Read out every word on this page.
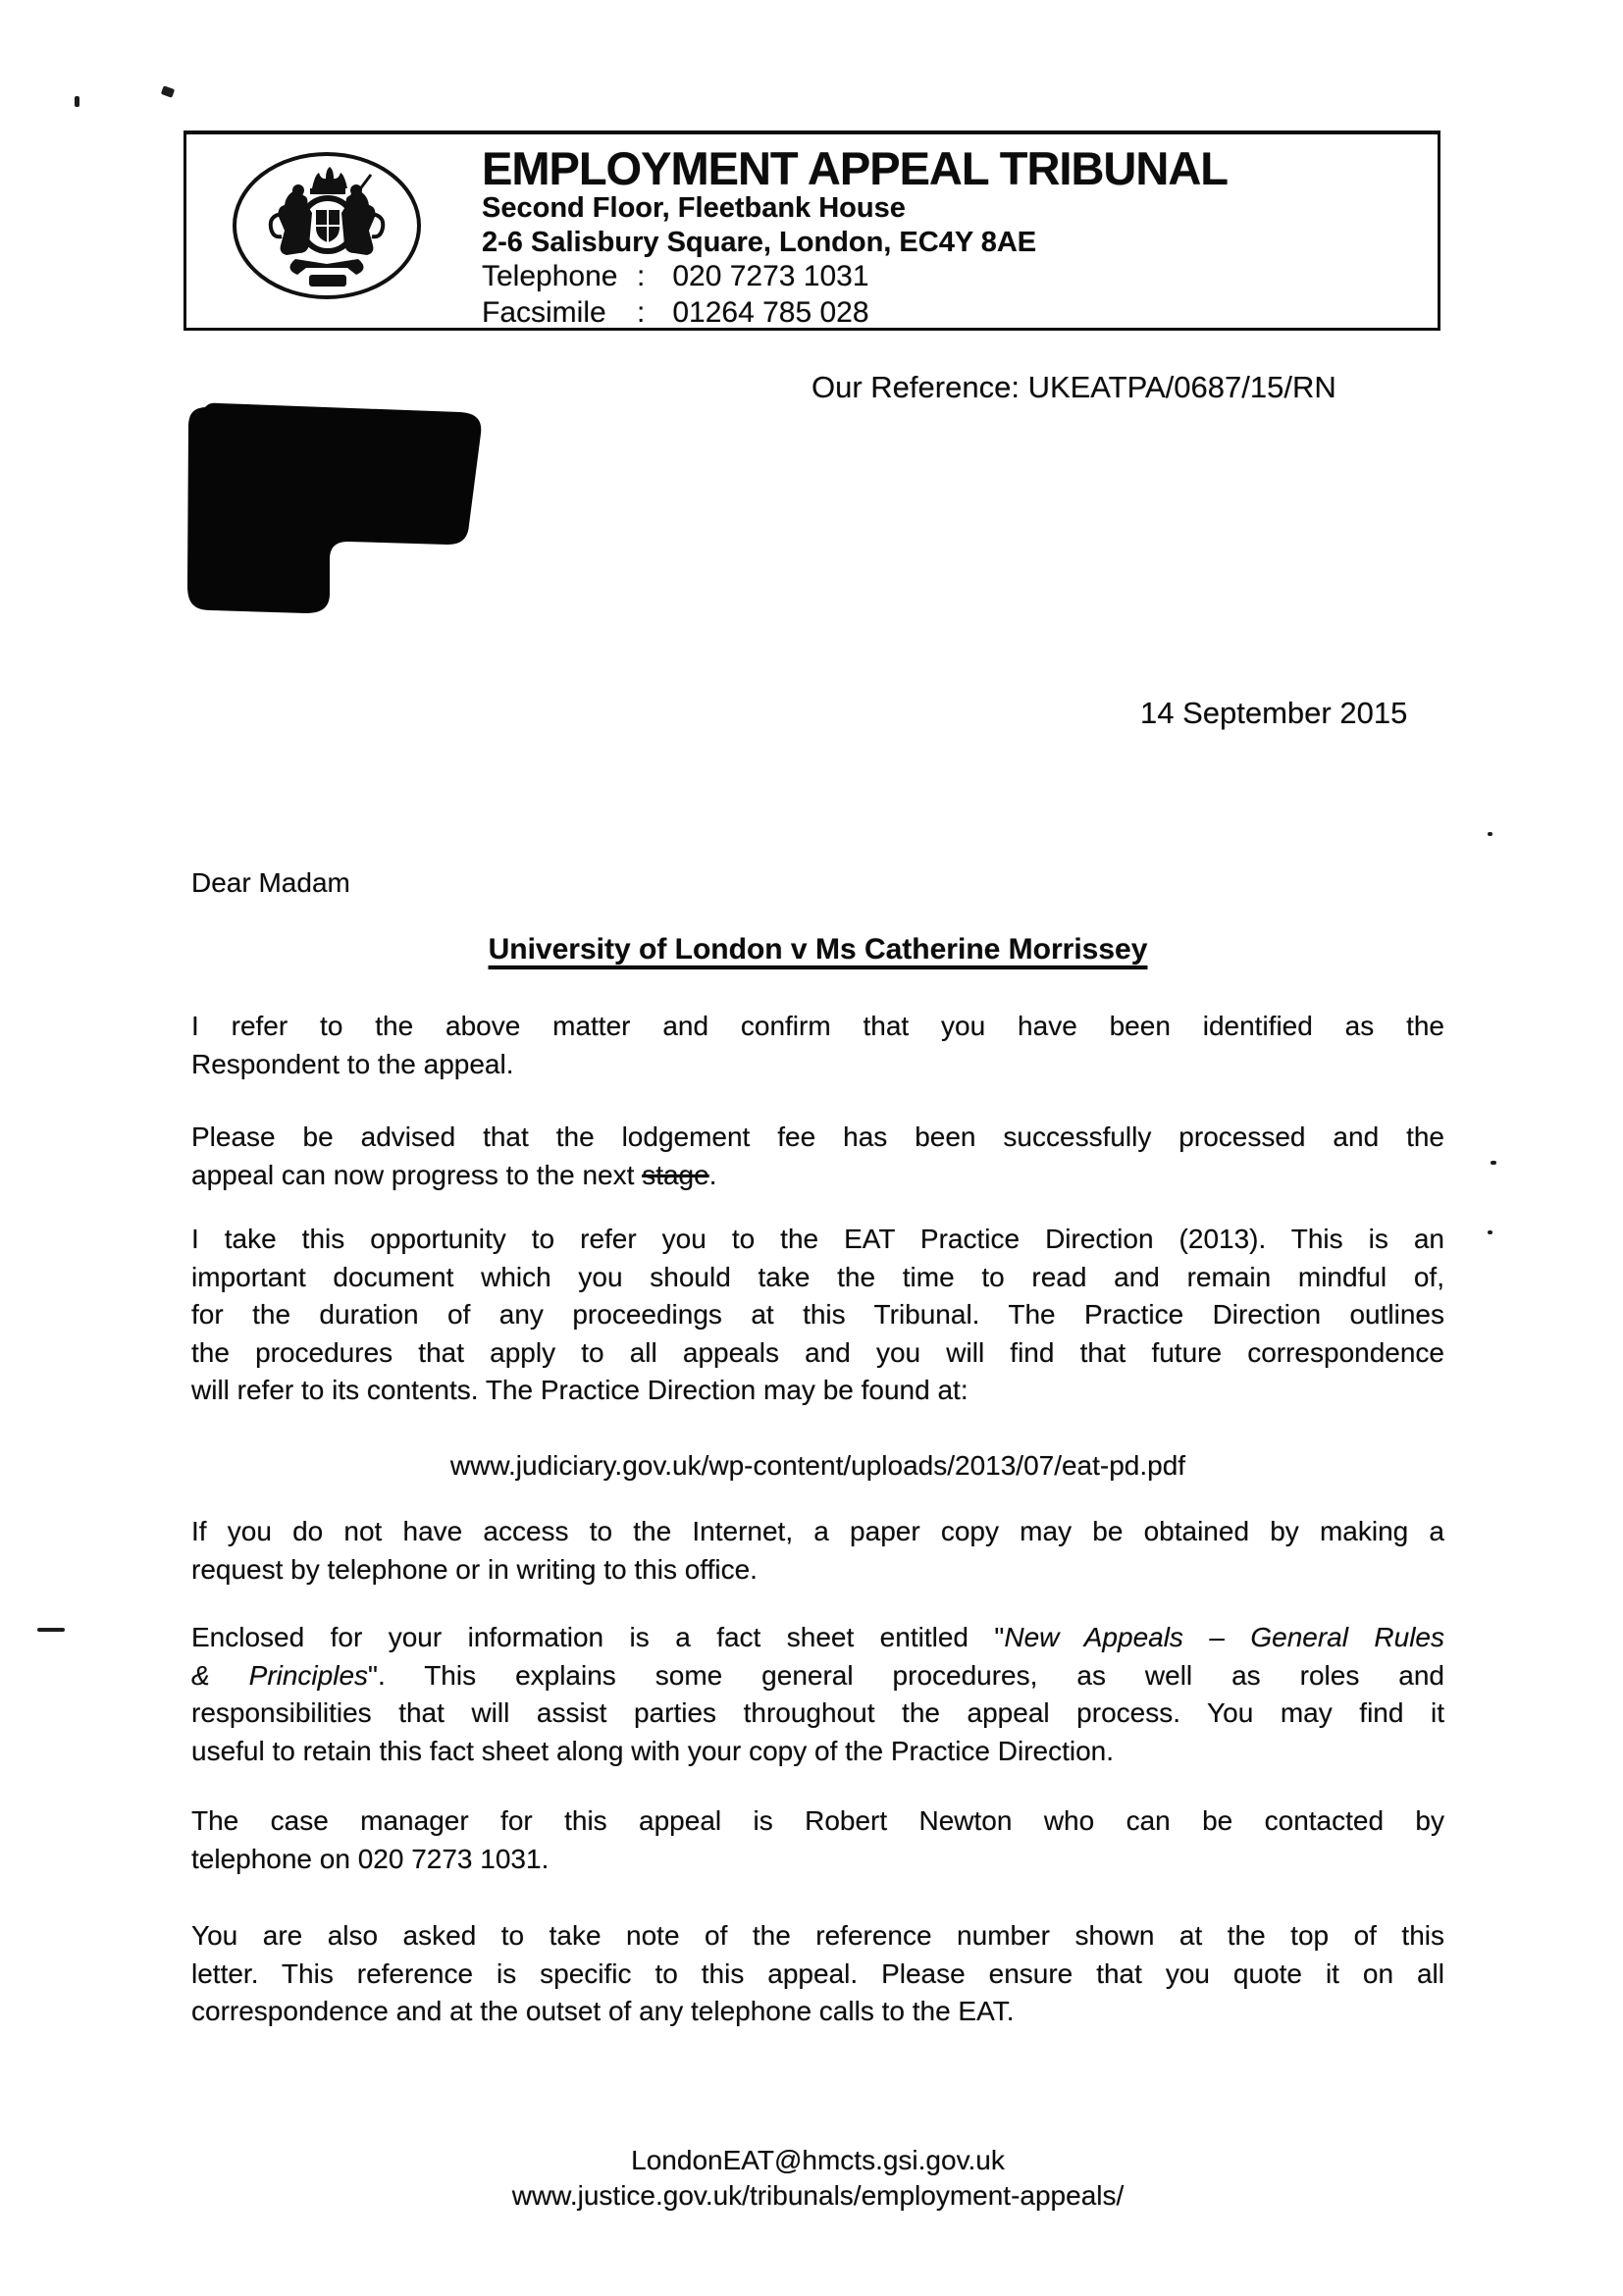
EMPLOYMENT APPEAL TRIBUNAL
Second Floor, Fleetbank House
2-6 Salisbury Square, London, EC4Y 8AE
Telephone : 020 7273 1031
Facsimile : 01264 785 028
Our Reference: UKEATPA/0687/15/RN
14 September 2015
Dear Madam
University of London v Ms Catherine Morrissey
I refer to the above matter and confirm that you have been identified as the
Respondent to the appeal.
Please be advised that the lodgement fee has been successfully processed and the
appeal can now progress to the next stage.
I take this opportunity to refer you to the EAT Practice Direction (2013). This is an
important document which you should take the time to read and remain mindful of,
for the duration of any proceedings at this Tribunal. The Practice Direction outlines
the procedures that apply to all appeals and you will find that future correspondence
will refer to its contents. The Practice Direction may be found at:
www.judiciary.gov.uk/wp-content/uploads/2013/07/eat-pd.pdf
If you do not have access to the Internet, a paper copy may be obtained by making a
request by telephone or in writing to this office.
Enclosed for your information is a fact sheet entitled "New Appeals – General Rules
& Principles". This explains some general procedures, as well as roles and
responsibilities that will assist parties throughout the appeal process. You may find it
useful to retain this fact sheet along with your copy of the Practice Direction.
The case manager for this appeal is Robert Newton who can be contacted by
telephone on 020 7273 1031.
You are also asked to take note of the reference number shown at the top of this
letter. This reference is specific to this appeal. Please ensure that you quote it on all
correspondence and at the outset of any telephone calls to the EAT.
LondonEAT@hmcts.gsi.gov.uk
www.justice.gov.uk/tribunals/employment-appeals/
